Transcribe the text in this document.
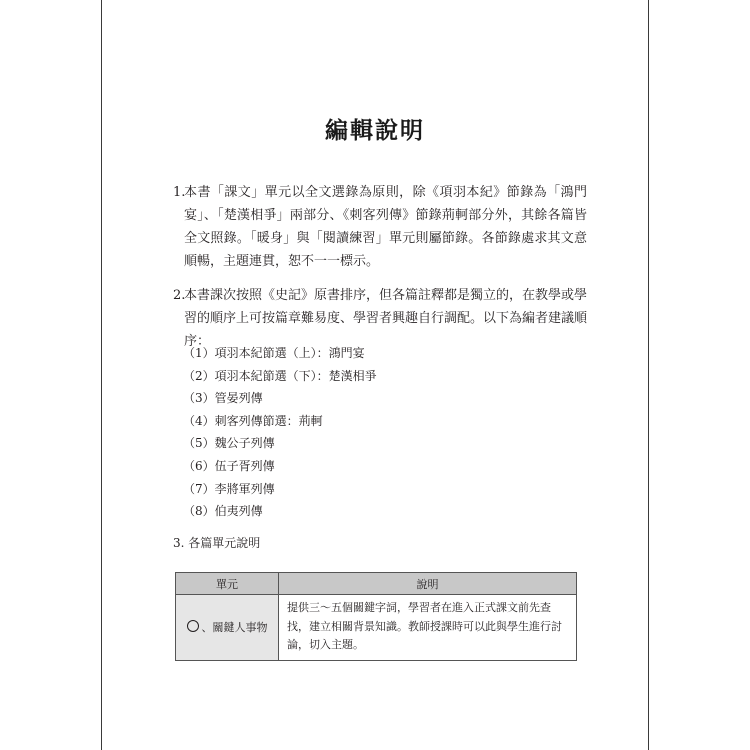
編輯說明
1.
本書「課文」單元以全文選錄為原則，除《項羽本紀》節錄為「鴻門宴」、「楚漢相爭」兩部分、《刺客列傳》節錄荊軻部分外，其餘各篇皆全文照錄。「暖身」與「閱讀練習」單元則屬節錄。各節錄處求其文意順暢，主題連貫，恕不一一標示。
2.
本書課次按照《史記》原書排序，但各篇註釋都是獨立的，在教學或學習的順序上可按篇章難易度、學習者興趣自行調配。以下為編者建議順序：
（1）項羽本紀節選（上）：鴻門宴
（2）項羽本紀節選（下）：楚漢相爭
（3）管晏列傳
（4）刺客列傳節選：荊軻
（5）魏公子列傳
（6）伍子胥列傳
（7）李將軍列傳
（8）伯夷列傳
3. 各篇單元說明
單元	說明
、關鍵人事物	提供三～五個關鍵字詞，學習者在進入正式課文前先查找，建立相關背景知識。教師授課時可以此與學生進行討論，切入主題。
